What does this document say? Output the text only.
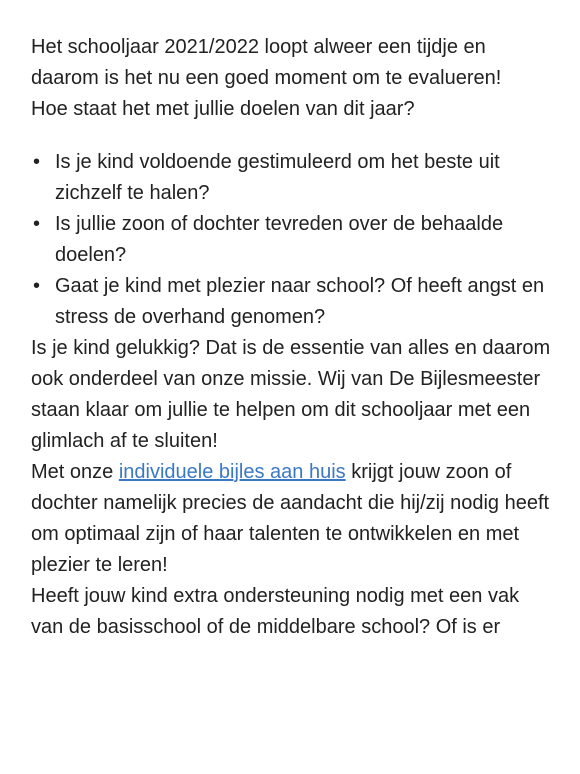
Het schooljaar 2021/2022 loopt alweer een tijdje en daarom is het nu een goed moment om te evalueren!

Hoe staat het met jullie doelen van dit jaar?

• Is je kind voldoende gestimuleerd om het beste uit zichzelf te halen?
• Is jullie zoon of dochter tevreden over de behaalde doelen?
• Gaat je kind met plezier naar school? Of heeft angst en stress de overhand genomen?

Is je kind gelukkig? Dat is de essentie van alles en daarom ook onderdeel van onze missie. Wij van De Bijlesmeester staan klaar om jullie te helpen om dit schooljaar met een glimlach af te sluiten!

Met onze individuele bijles aan huis krijgt jouw zoon of dochter namelijk precies de aandacht die hij/zij nodig heeft om optimaal zijn of haar talenten te ontwikkelen en met plezier te leren!

Heeft jouw kind extra ondersteuning nodig met een vak van de basisschool of de middelbare school? Of is er
